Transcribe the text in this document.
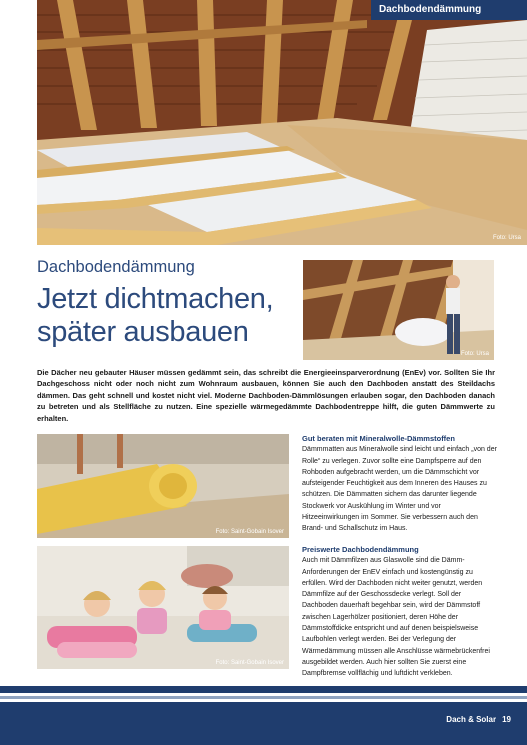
Dachbodendämmung
Foto: Ursa
Dachbodendämmung
Jetzt dichtmachen,
später ausbauen
Foto: Ursa
Die Dächer neu gebauter Häuser müssen gedämmt sein, das schreibt die Energieeinsparverordnung (EnEv) vor. Sollten Sie Ihr Dachgeschoss nicht oder noch nicht zum Wohnraum ausbauen, können Sie auch den Dachboden anstatt des Steildachs dämmen. Das geht schnell und kostet nicht viel. Moderne Dachboden-Dämmlösungen erlauben sogar, den Dachboden danach zu betreten und als Stellfläche zu nutzen. Eine spezielle wärmegedämmte Dachbodentreppe hilft, die guten Dämmwerte zu erhalten.
Foto: Saint-Gobain Isover
Foto: Saint-Gobain Isover
Gut beraten mit Mineralwolle-Dämmstoffen

Dämmmatten aus Mineralwolle sind leicht und einfach „von der Rolle“ zu verlegen. Zuvor sollte eine Dampfsperre auf den Rohboden aufgebracht werden, um die Dämmschicht vor aufsteigender Feuchtigkeit aus dem Inneren des Hauses zu schützen. Die Dämmatten sichern das darunter liegende Stockwerk vor Auskühlung im Winter und vor Hitzeeinwirkungen im Sommer. Sie verbessern auch den Brand- und Schallschutz im Haus.

Preiswerte Dachbodendämmung

Auch mit Dämmfilzen aus Glaswolle sind die Dämm-Anforderungen der EnEV einfach und kostengünstig zu erfüllen. Wird der Dachboden nicht weiter genutzt, werden Dämmfilze auf der Geschossdecke verlegt. Soll der Dachboden dauerhaft begehbar sein, wird der Dämmstoff zwischen Lagerhölzer positioniert, deren Höhe der Dämmstoffdicke entspricht und auf denen beispielsweise Laufbohlen verlegt werden. Bei der Verlegung der Wärmedämmung müssen alle Anschlüsse wärmebrückenfrei ausgebildet werden. Auch hier sollten Sie zuerst eine Dampfbremse vollflächig und luftdicht verkleben.

Dach & Solar 19
